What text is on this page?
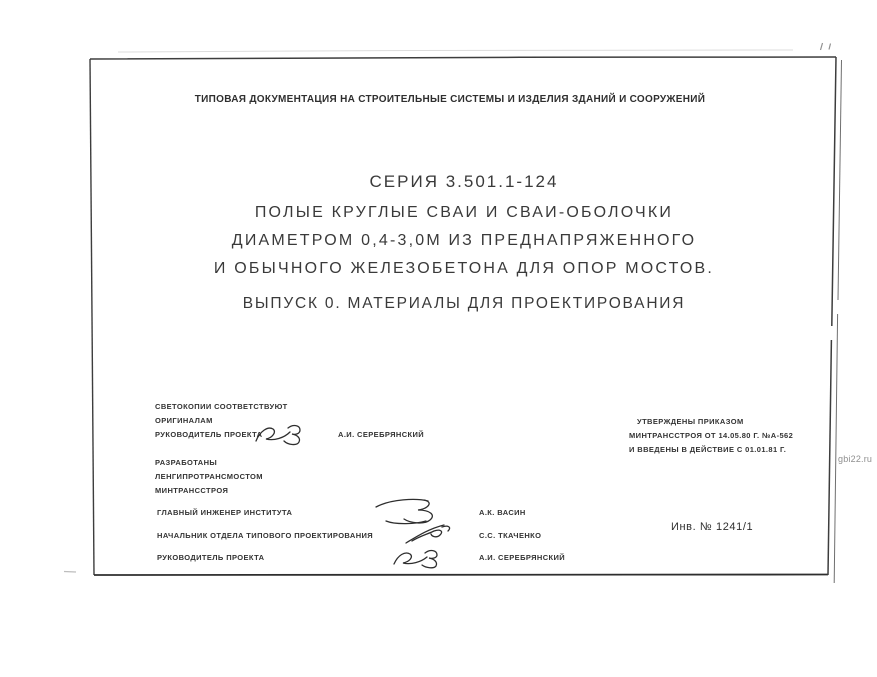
ТИПОВАЯ ДОКУМЕНТАЦИЯ НА СТРОИТЕЛЬНЫЕ СИСТЕМЫ И ИЗДЕЛИЯ ЗДАНИЙ И СООРУЖЕНИЙ
СЕРИЯ 3.501.1-124
ПОЛЫЕ КРУГЛЫЕ СВАИ И СВАИ-ОБОЛОЧКИ
ДИАМЕТРОМ 0,4-3,0М ИЗ ПРЕДНАПРЯЖЕННОГО
И ОБЫЧНОГО ЖЕЛЕЗОБЕТОНА ДЛЯ ОПОР МОСТОВ.
ВЫПУСК 0. МАТЕРИАЛЫ ДЛЯ ПРОЕКТИРОВАНИЯ
СВЕТОКОПИИ СООТВЕТСТВУЮТ
ОРИГИНАЛАМ
РУКОВОДИТЕЛЬ ПРОЕКТА	А.И. СЕРЕБРЯНСКИЙ
РАЗРАБОТАНЫ
ЛЕНГИПРОТРАНСМОСТОМ
МИНТРАНССТРОЯ
ГЛАВНЫЙ ИНЖЕНЕР ИНСТИТУТА
НАЧАЛЬНИК ОТДЕЛА ТИПОВОГО ПРОЕКТИРОВАНИЯ
РУКОВОДИТЕЛЬ ПРОЕКТА
А.К. ВАСИН
С.С. ТКАЧЕНКО
А.И. СЕРЕБРЯНСКИЙ
УТВЕРЖДЕНЫ ПРИКАЗОМ
МИНТРАНССТРОЯ ОТ 14.05.80 Г. №А-562
И ВВЕДЕНЫ В ДЕЙСТВИЕ С 01.01.81 Г.
Инв. № 1241/1
gbi22.ru
